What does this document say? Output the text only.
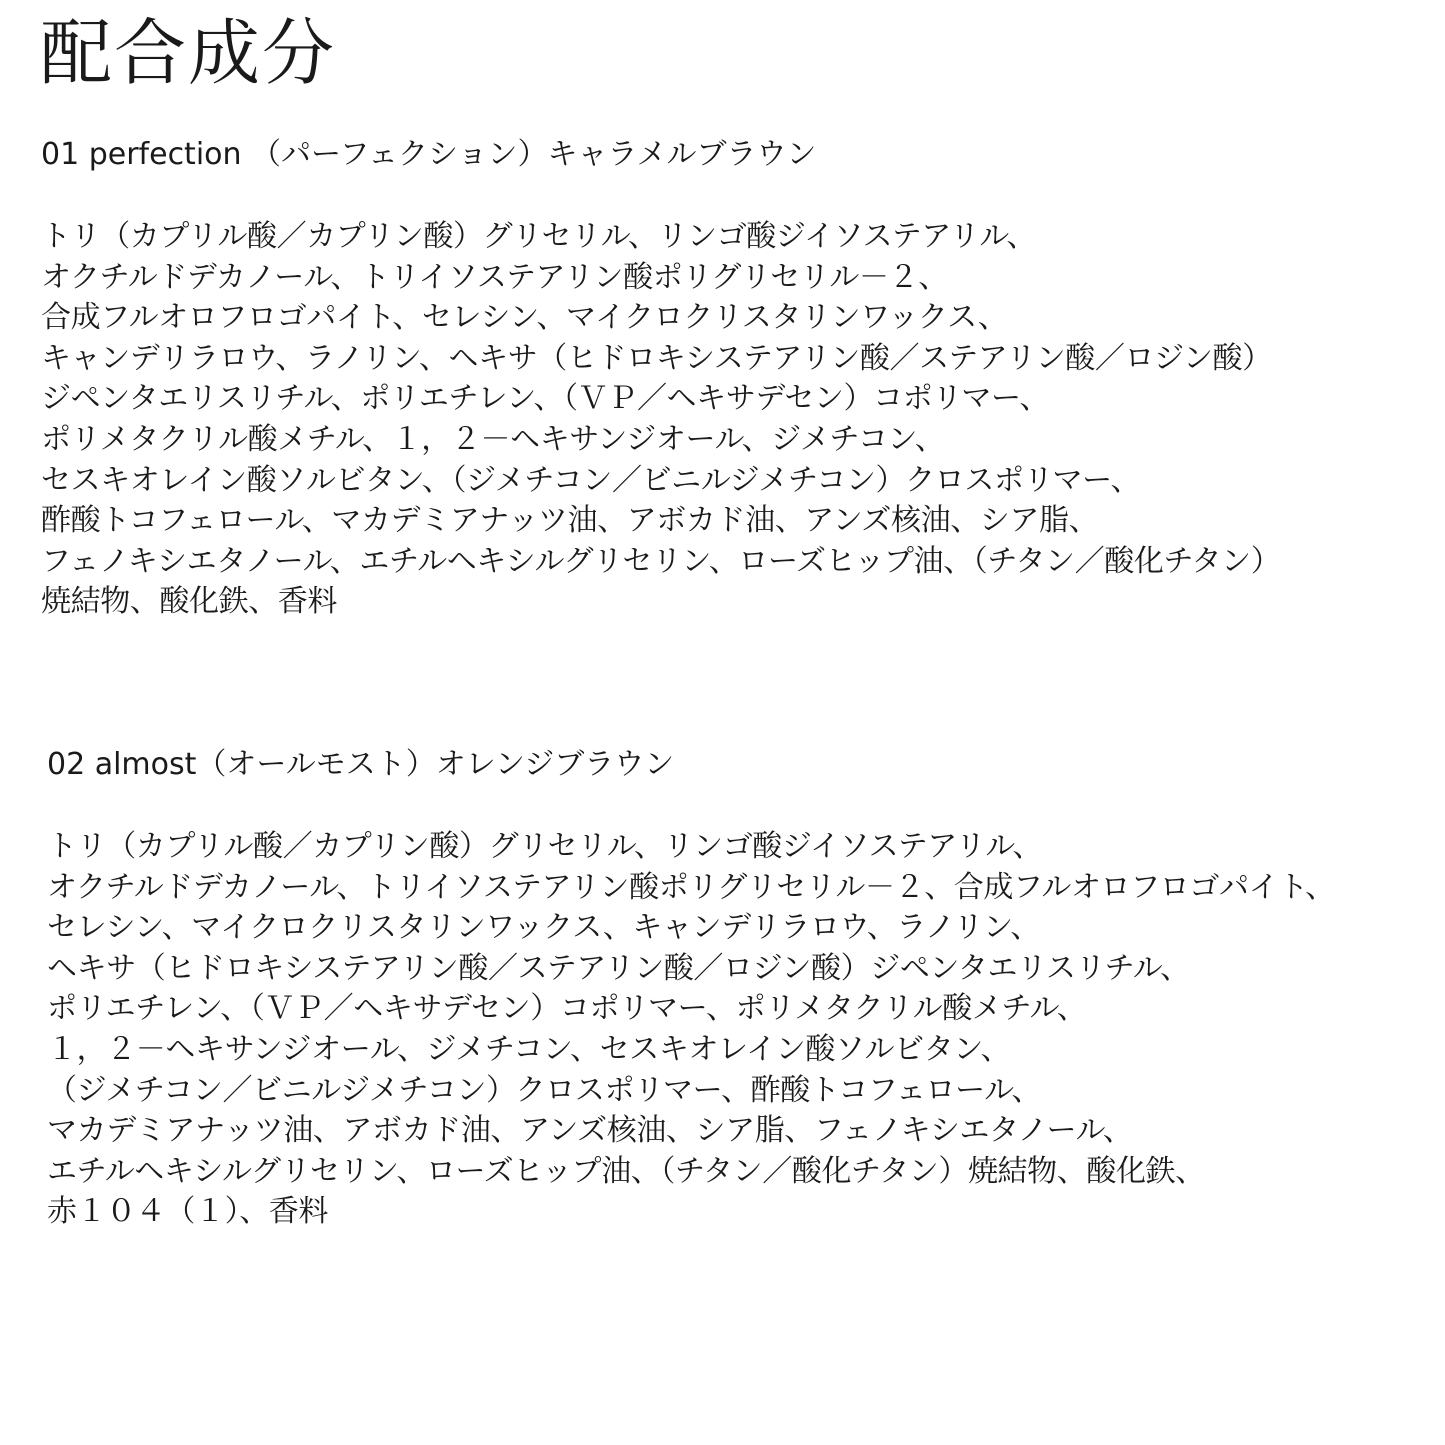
配合成分
01 perfection （パーフェクション）キャラメルブラウン
トリ（カプリル酸／カプリン酸）グリセリル、リンゴ酸ジイソステアリル、
オクチルドデカノール、トリイソステアリン酸ポリグリセリル－２、
合成フルオロフロゴパイト、セレシン、マイクロクリスタリンワックス、
キャンデリラロウ、ラノリン、ヘキサ（ヒドロキシステアリン酸／ステアリン酸／ロジン酸）
ジペンタエリスリチル、ポリエチレン、（ＶＰ／ヘキサデセン）コポリマー、
ポリメタクリル酸メチル、１，２－ヘキサンジオール、ジメチコン、
セスキオレイン酸ソルビタン、（ジメチコン／ビニルジメチコン）クロスポリマー、
酢酸トコフェロール、マカデミアナッツ油、アボカド油、アンズ核油、シア脂、
フェノキシエタノール、エチルヘキシルグリセリン、ローズヒップ油、（チタン／酸化チタン）
焼結物、酸化鉄、香料
02 almost（オールモスト）オレンジブラウン
トリ（カプリル酸／カプリン酸）グリセリル、リンゴ酸ジイソステアリル、
オクチルドデカノール、トリイソステアリン酸ポリグリセリル－２、合成フルオロフロゴパイト、
セレシン、マイクロクリスタリンワックス、キャンデリラロウ、ラノリン、
ヘキサ（ヒドロキシステアリン酸／ステアリン酸／ロジン酸）ジペンタエリスリチル、
ポリエチレン、（ＶＰ／ヘキサデセン）コポリマー、ポリメタクリル酸メチル、
１，２－ヘキサンジオール、ジメチコン、セスキオレイン酸ソルビタン、
（ジメチコン／ビニルジメチコン）クロスポリマー、酢酸トコフェロール、
マカデミアナッツ油、アボカド油、アンズ核油、シア脂、フェノキシエタノール、
エチルヘキシルグリセリン、ローズヒップ油、（チタン／酸化チタン）焼結物、酸化鉄、
赤１０４（１）、香料
